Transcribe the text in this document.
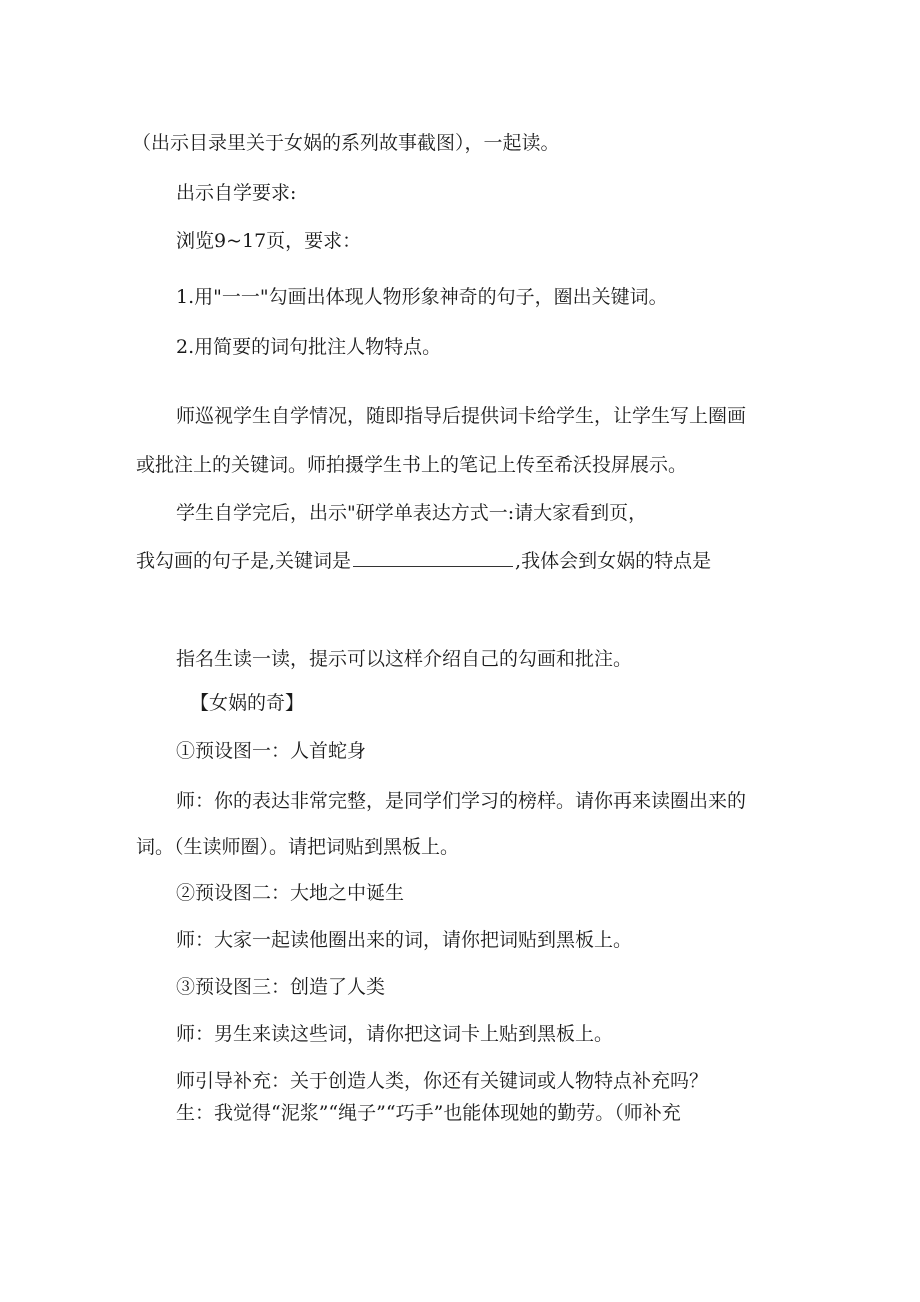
（出示目录里关于女娲的系列故事截图），一起读。

出示自学要求:

浏览9~17页，要求：

1.用"一一"勾画出体现人物形象神奇的句子，圈出关键词。

2.用简要的词句批注人物特点。

师巡视学生自学情况，随即指导后提供词卡给学生，让学生写上圈画

或批注上的关键词。师拍摄学生书上的笔记上传至希沃投屏展示。

学生自学完后，出示"研学单表达方式一:请大家看到页，

我勾画的句子是,关键词是	,我体会到女娲的特点是

指名生读一读，提示可以这样介绍自己的勾画和批注。

【女娲的奇】

①预设图一：人首蛇身

师：你的表达非常完整，是同学们学习的榜样。请你再来读圈出来的

词。（生读师圈）。请把词贴到黑板上。

②预设图二：大地之中诞生

师：大家一起读他圈出来的词，请你把词贴到黑板上。

③预设图三：创造了人类

师：男生来读这些词，请你把这词卡上贴到黑板上。

师引导补充：关于创造人类，你还有关键词或人物特点补充吗？

生：我觉得“泥浆”“绳子”“巧手”也能体现她的勤劳。（师补充
